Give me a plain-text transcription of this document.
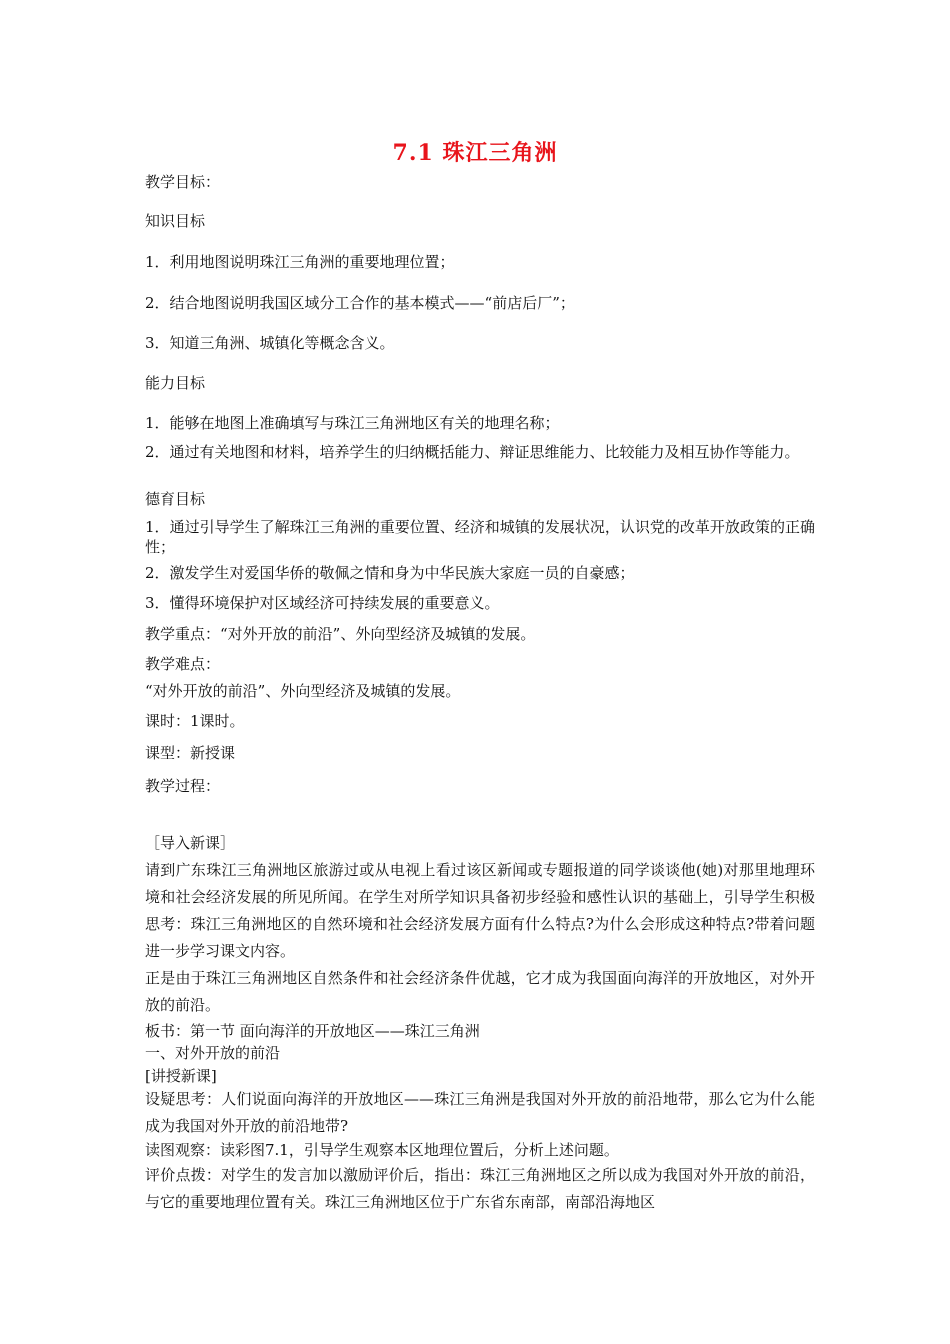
7.1 珠江三角洲
教学目标：
知识目标
1．利用地图说明珠江三角洲的重要地理位置；
2．结合地图说明我国区域分工合作的基本模式——“前店后厂”；
3．知道三角洲、城镇化等概念含义。
能力目标
1．能够在地图上准确填写与珠江三角洲地区有关的地理名称；
2．通过有关地图和材料，培养学生的归纳概括能力、辩证思维能力、比较能力及相互协作等能力。
德育目标
1．通过引导学生了解珠江三角洲的重要位置、经济和城镇的发展状况，认识党的改革开放政策的正确性；
2．激发学生对爱国华侨的敬佩之情和身为中华民族大家庭一员的自豪感；
3．懂得环境保护对区域经济可持续发展的重要意义。
教学重点：“对外开放的前沿”、外向型经济及城镇的发展。
教学难点：
“对外开放的前沿”、外向型经济及城镇的发展。
课时：1课时。
课型：新授课
教学过程：
［导入新课］
请到广东珠江三角洲地区旅游过或从电视上看过该区新闻或专题报道的同学谈谈他(她)对那里地理环境和社会经济发展的所见所闻。在学生对所学知识具备初步经验和感性认识的基础上，引导学生积极思考：珠江三角洲地区的自然环境和社会经济发展方面有什么特点?为什么会形成这种特点?带着问题进一步学习课文内容。
正是由于珠江三角洲地区自然条件和社会经济条件优越，它才成为我国面向海洋的开放地区，对外开放的前沿。
板书：第一节 面向海洋的开放地区——珠江三角洲
一、对外开放的前沿
[讲授新课]
设疑思考：人们说面向海洋的开放地区——珠江三角洲是我国对外开放的前沿地带，那么它为什么能成为我国对外开放的前沿地带?
读图观察：读彩图7.1，引导学生观察本区地理位置后，分析上述问题。
评价点拨：对学生的发言加以激励评价后，指出：珠江三角洲地区之所以成为我国对外开放的前沿，与它的重要地理位置有关。珠江三角洲地区位于广东省东南部，南部沿海地区
